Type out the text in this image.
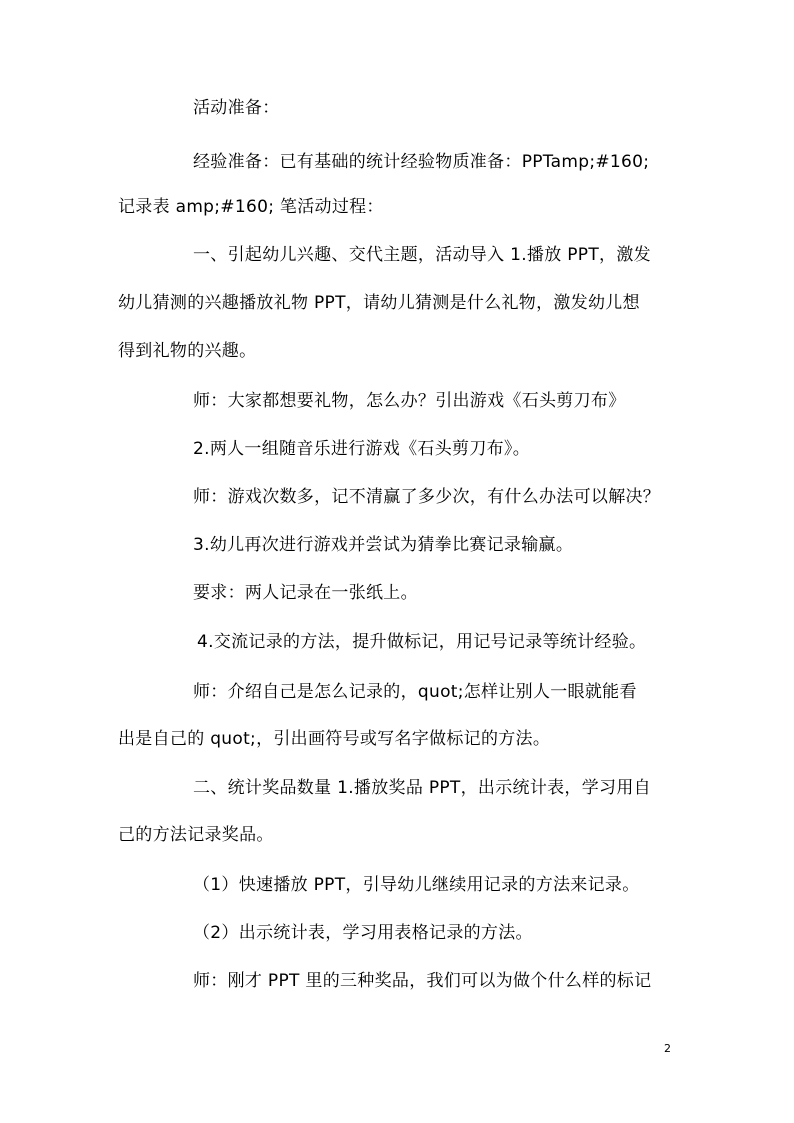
活动准备：
经验准备：已有基础的统计经验物质准备：PPTamp;#160;
记录表 amp;#160; 笔活动过程：
一、引起幼儿兴趣、交代主题，活动导入 1.播放 PPT，激发
幼儿猜测的兴趣播放礼物 PPT，请幼儿猜测是什么礼物，激发幼儿想
得到礼物的兴趣。
师：大家都想要礼物，怎么办？引出游戏《石头剪刀布》
2.两人一组随音乐进行游戏《石头剪刀布》。
师：游戏次数多，记不清赢了多少次，有什么办法可以解决？
3.幼儿再次进行游戏并尝试为猜拳比赛记录输赢。
要求：两人记录在一张纸上。
4.交流记录的方法，提升做标记，用记号记录等统计经验。
师：介绍自己是怎么记录的，quot;怎样让别人一眼就能看
出是自己的 quot;，引出画符号或写名字做标记的方法。
二、统计奖品数量 1.播放奖品 PPT，出示统计表，学习用自
己的方法记录奖品。
（1）快速播放 PPT，引导幼儿继续用记录的方法来记录。
（2）出示统计表，学习用表格记录的方法。
师：刚才 PPT 里的三种奖品，我们可以为做个什么样的标记
2
